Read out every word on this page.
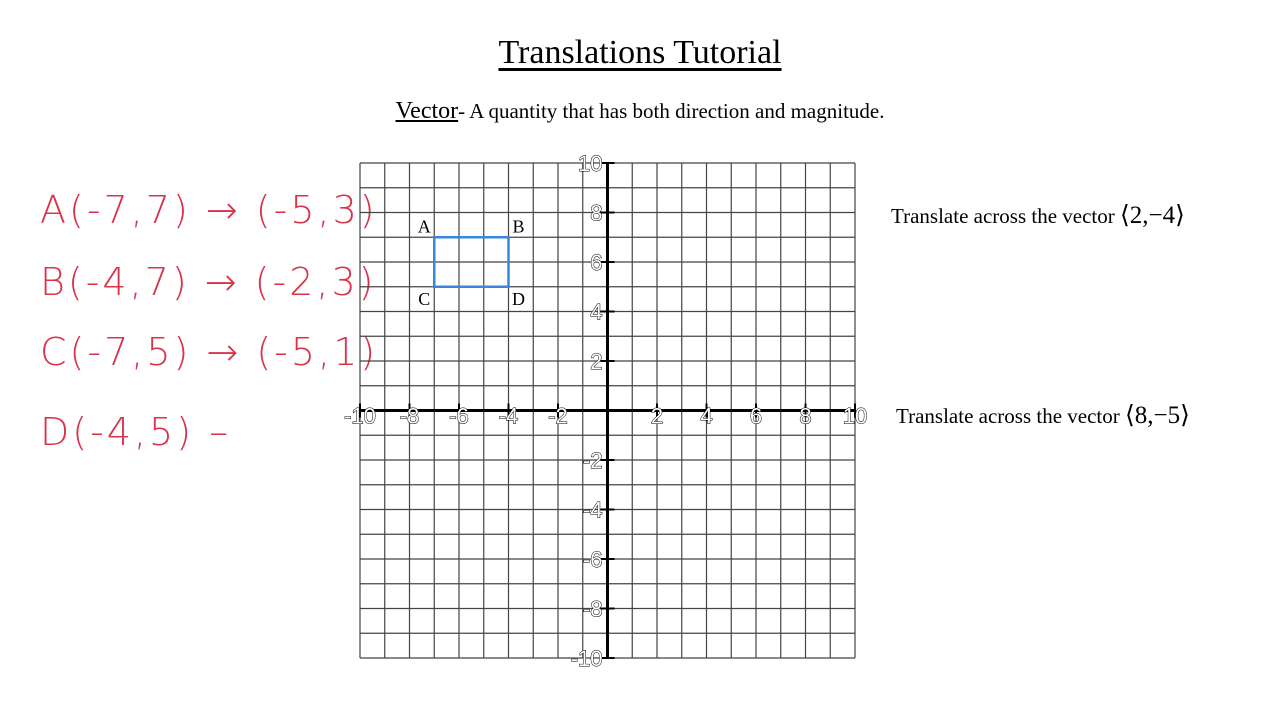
Translations Tutorial
Vector- A quantity that has both direction and magnitude.
A(-7,7) → (-5,3)
B(-4,7) → (-2,3)
C(-7,5) → (-5,1)
D(-4,5) –
Translate across the vector ⟨2,−4⟩
Translate across the vector ⟨8,−5⟩
-10 -8 -6 -4 -2	2 4 6 8 10
10
8
6
4
2
-2
-4
-6
-8
-10
A	B
C	D
